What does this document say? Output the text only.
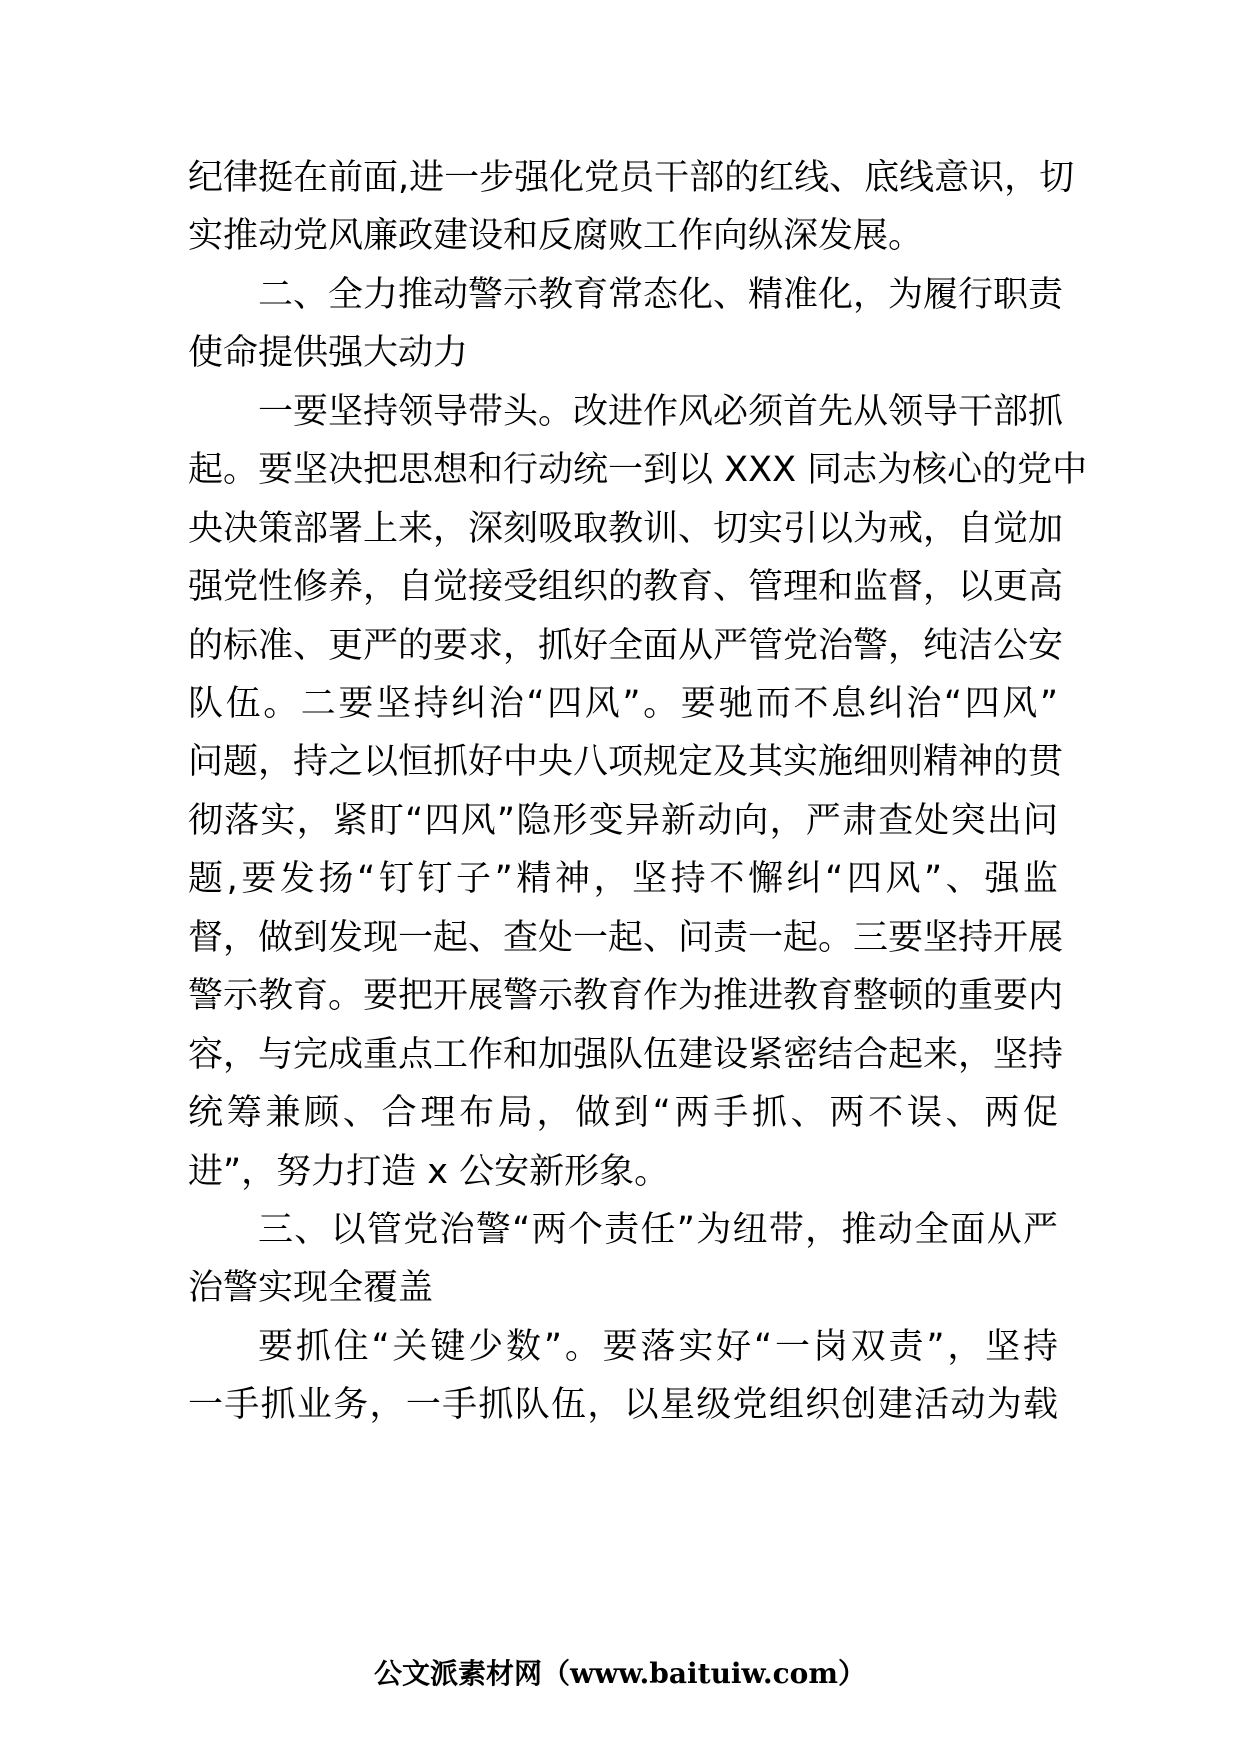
纪律挺在前面,进一步强化党员干部的红线、底线意识，切
实推动党风廉政建设和反腐败工作向纵深发展。
二、全力推动警示教育常态化、精准化，为履行职责
使命提供强大动力
一要坚持领导带头。改进作风必须首先从领导干部抓
起。要坚决把思想和行动统一到以 XXX 同志为核心的党中
央决策部署上来，深刻吸取教训、切实引以为戒，自觉加
强党性修养，自觉接受组织的教育、管理和监督，以更高
的标准、更严的要求，抓好全面从严管党治警，纯洁公安
队伍。二要坚持纠治“四风”。要驰而不息纠治“四风”
问题，持之以恒抓好中央八项规定及其实施细则精神的贯
彻落实，紧盯“四风”隐形变异新动向，严肃查处突出问
题,要发扬“钉钉子”精神，坚持不懈纠“四风”、强监
督，做到发现一起、查处一起、问责一起。三要坚持开展
警示教育。要把开展警示教育作为推进教育整顿的重要内
容，与完成重点工作和加强队伍建设紧密结合起来，坚持
统筹兼顾、合理布局，做到“两手抓、两不误、两促
进”，努力打造 x 公安新形象。
三、以管党治警“两个责任”为纽带，推动全面从严
治警实现全覆盖
要抓住“关键少数”。要落实好“一岗双责”，坚持
一手抓业务，一手抓队伍，以星级党组织创建活动为载
公文派素材网（www.baituiw.com）
